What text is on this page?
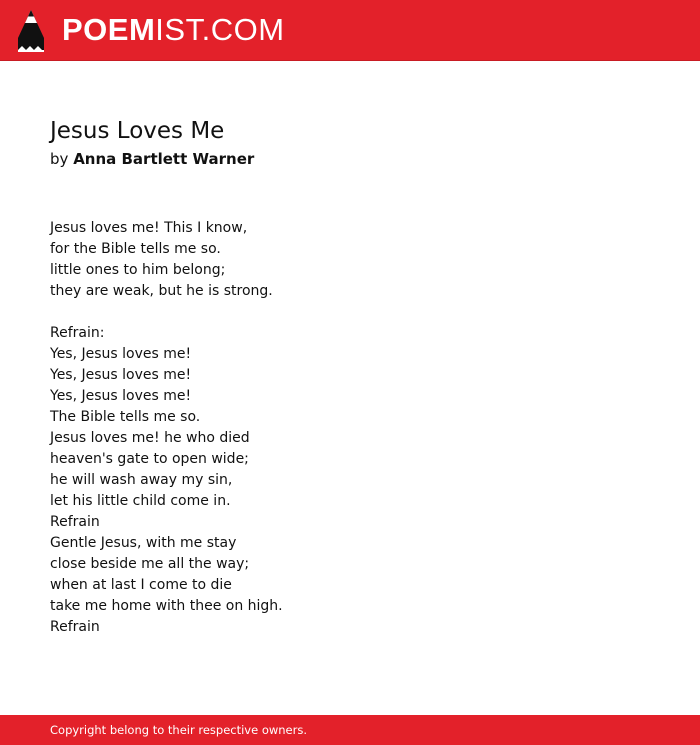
POEMIST.COM
Jesus Loves Me
by Anna Bartlett Warner
Jesus loves me! This I know,
for the Bible tells me so.
little ones to him belong;
they are weak, but he is strong.
Refrain:
Yes, Jesus loves me!
Yes, Jesus loves me!
Yes, Jesus loves me!
The Bible tells me so.
Jesus loves me! he who died
heaven's gate to open wide;
he will wash away my sin,
let his little child come in.
Refrain
Gentle Jesus, with me stay
close beside me all the way;
when at last I come to die
take me home with thee on high.
Refrain
Copyright belong to their respective owners.
